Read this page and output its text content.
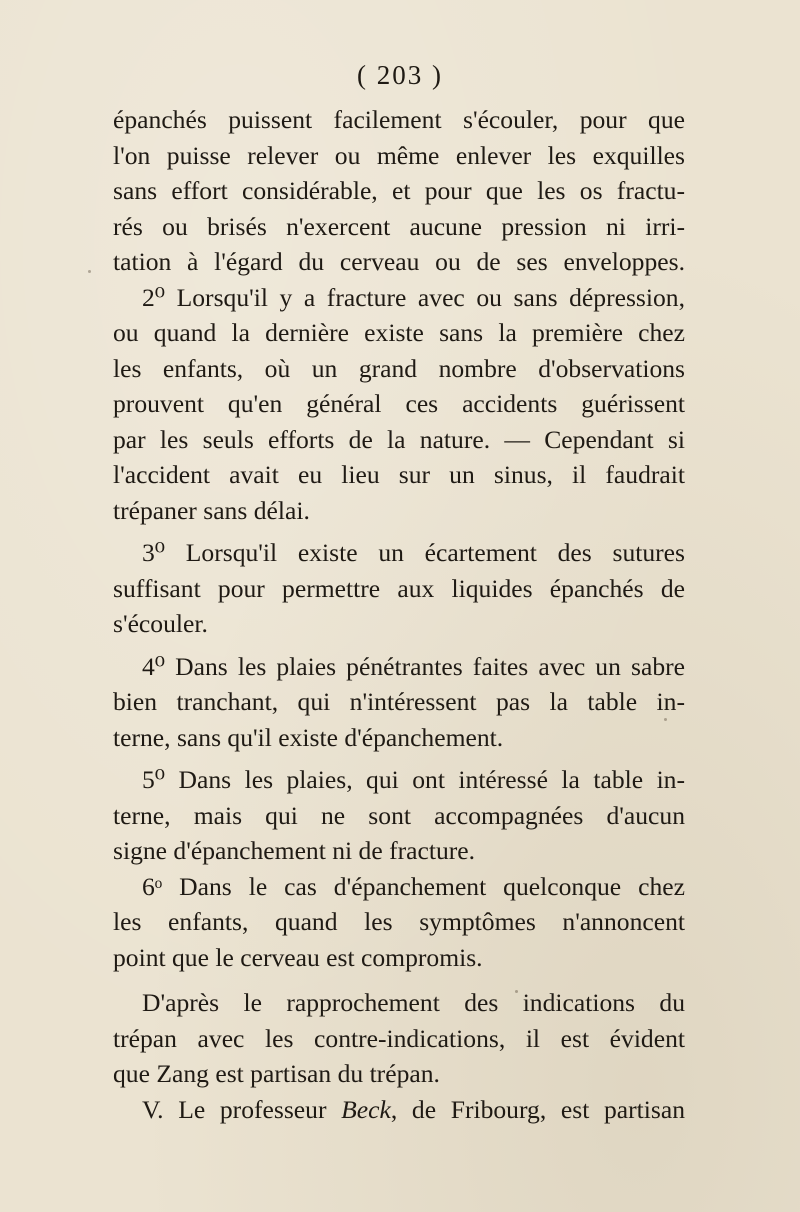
( 203 )
épanchés puissent facilement s'écouler, pour que
l'on puisse relever ou même enlever les exquilles
sans effort considérable, et pour que les os fractu-
rés ou brisés n'exercent aucune pression ni irri-
tation à l'égard du cerveau ou de ses enveloppes.
2⁰ Lorsqu'il y a fracture avec ou sans dépression,
ou quand la dernière existe sans la première chez
les enfants, où un grand nombre d'observations
prouvent qu'en général ces accidents guérissent
par les seuls efforts de la nature. — Cependant si
l'accident avait eu lieu sur un sinus, il faudrait
trépaner sans délai.
3⁰ Lorsqu'il existe un écartement des sutures
suffisant pour permettre aux liquides épanchés de
s'écouler.
4⁰ Dans les plaies pénétrantes faites avec un sabre
bien tranchant, qui n'intéressent pas la table in-
terne, sans qu'il existe d'épanchement.
5⁰ Dans les plaies, qui ont intéressé la table in-
terne, mais qui ne sont accompagnées d'aucun
signe d'épanchement ni de fracture.
6ᵒ Dans le cas d'épanchement quelconque chez
les enfants, quand les symptômes n'annoncent
point que le cerveau est compromis.
D'après le rapprochement des indications du
trépan avec les contre-indications, il est évident
que Zang est partisan du trépan.
V. Le professeur Beck, de Fribourg, est partisan
